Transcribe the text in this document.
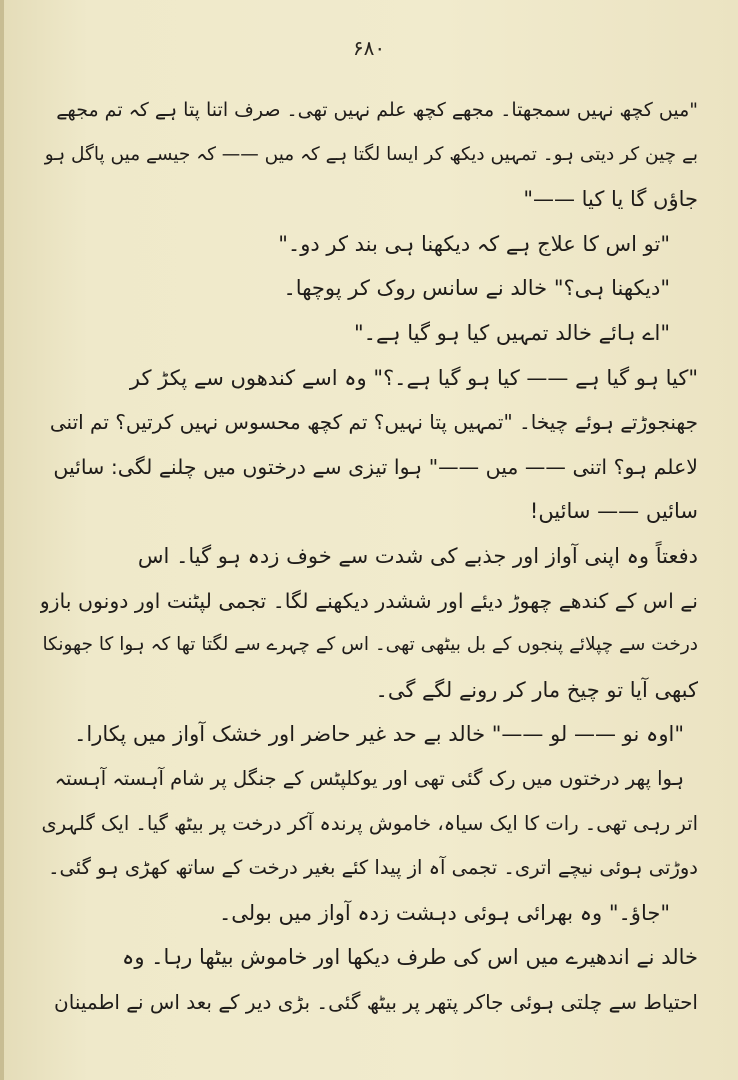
۶۸۰
"میں کچھ نہیں سمجھتا۔ مجھے کچھ علم نہیں تھی۔ صرف اتنا پتا ہے کہ تم مجھے
بے چین کر دیتی ہو۔ تمہیں دیکھ کر ایسا لگتا ہے کہ میں —— کہ جیسے میں پاگل ہو
جاؤں گا یا کیا ——"
"تو اس کا علاج ہے کہ دیکھنا ہی بند کر دو۔"
"دیکھنا ہی؟" خالد نے سانس روک کر پوچھا۔
"اے ہائے خالد تمہیں کیا ہو گیا ہے۔"
"کیا ہو گیا ہے —— کیا ہو گیا ہے۔؟" وہ اسے کندھوں سے پکڑ کر
جھنجوڑتے ہوئے چیخا۔ "تمہیں پتا نہیں؟ تم کچھ محسوس نہیں کرتیں؟ تم اتنی
لاعلم ہو؟ اتنی —— میں ——" ہوا تیزی سے درختوں میں چلنے لگی: سائیں
سائیں —— سائیں!
دفعتاً وہ اپنی آواز اور جذبے کی شدت سے خوف زدہ ہو گیا۔ اس
نے اس کے کندھے چھوڑ دیئے اور ششدر دیکھنے لگا۔ تجمی لپٹنت اور دونوں بازو
درخت سے چپلائے پنجوں کے بل بیٹھی تھی۔ اس کے چہرے سے لگتا تھا کہ ہوا کا جھونکا
کبھی آیا تو چیخ مار کر رونے لگے گی۔
"اوہ نو —— لو ——" خالد بے حد غیر حاضر اور خشک آواز میں پکارا۔
ہوا پھر درختوں میں رک گئی تھی اور یوکلپٹس کے جنگل پر شام آہستہ آہستہ
اتر رہی تھی۔ رات کا ایک سیاہ، خاموش پرندہ آکر درخت پر بیٹھ گیا۔ ایک گلہری
دوڑتی ہوئی نیچے اتری۔ تجمی آہ از پیدا کئے بغیر درخت کے ساتھ کھڑی ہو گئی۔
"جاؤ۔" وہ بھرائی ہوئی دہشت زدہ آواز میں بولی۔
خالد نے اندھیرے میں اس کی طرف دیکھا اور خاموش بیٹھا رہا۔ وہ
احتیاط سے چلتی ہوئی جاکر پتھر پر بیٹھ گئی۔ بڑی دیر کے بعد اس نے اطمینان
